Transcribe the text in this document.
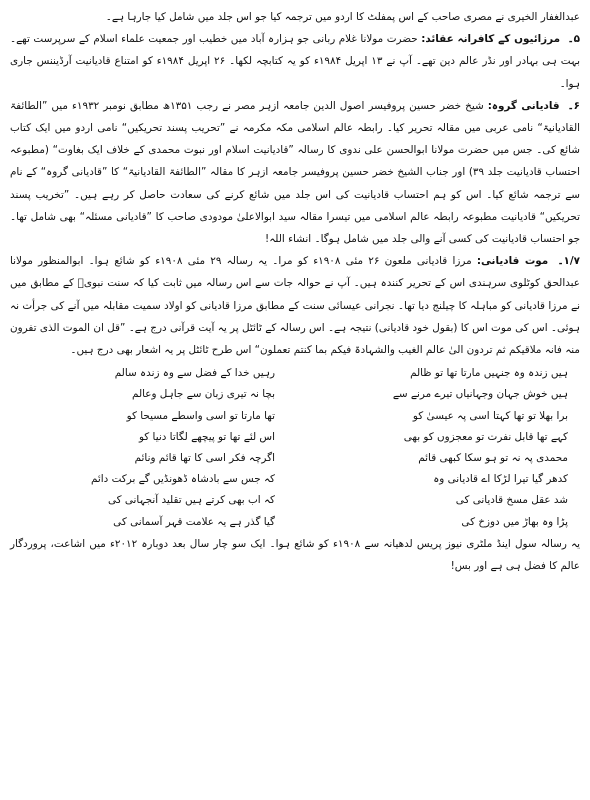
عبدالغفار الخیری نے مصری صاحب کے اس پمفلٹ کا اردو میں ترجمہ کیا جو اس جلد میں شامل کیا جارہا ہے۔

۵۔ مرزائیوں کے کافرانہ عقائد: حضرت مولانا غلام ربانی جو ہزارہ آباد میں خطیب اور جمعیت علماء اسلام کے سرپرست تھے۔ بہت ہی بہادر اور نڈر عالم دین تھے۔ آپ نے ۱۳ اپریل ۱۹۸۴ء کو یہ کتابچہ لکھا۔ ۲۶ اپریل ۱۹۸۴ء کو امتناع قادیانیت آرڈیننس جاری ہوا۔

۶۔ قادیانی گروہ: شیخ خضر حسین پروفیسر اصول الدین جامعہ ازہر مصر نے رجب ۱۳۵۱ھ مطابق نومبر ۱۹۳۲ء میں ”الطائفۃ القادیانیۃ“ نامی عربی میں مقالہ تحریر کیا۔ رابطہ عالم اسلامی مکہ مکرمہ نے ”تحریب پسند تحریکیں“ نامی اردو میں ایک کتاب شائع کی۔ جس میں حضرت مولانا ابوالحسن علی ندوی کا رسالہ ”قادیانیت اسلام اور نبوت محمدی کے خلاف ایک بغاوت“ (مطبوعہ احتساب قادیانیت جلد ۳۹) اور جناب الشیخ خضر حسین پروفیسر جامعہ ازہر کا مقالہ ”الطائفۃ القادیانیۃ“ کا ”قادیانی گروہ“ کے نام سے ترجمہ شائع کیا۔ اس کو ہم احتساب قادیانیت کی اس جلد میں شائع کرنے کی سعادت حاصل کر رہے ہیں۔ ”تخریب پسند تحریکیں“ قادیانیت مطبوعہ رابطہ عالم اسلامی میں تیسرا مقالہ سید ابوالاعلیٰ مودودی صاحب کا ”قادیانی مسئلہ“ بھی شامل تھا۔ جو احتساب قادیانیت کی کسی آنے والی جلد میں شامل ہوگا۔ انشاء اللہ!

۱/۷۔ موت قادیانی: مرزا قادیانی ملعون ۲۶ مئی ۱۹۰۸ء کو مرا۔ یہ رسالہ ۲۹ مئی ۱۹۰۸ء کو شائع ہوا۔ ابوالمنظور مولانا عبدالحق کوٹلوی سرہندی اس کے تحریر کنندہ ہیں۔ آپ نے حوالہ جات سے اس رسالہ میں ثابت کیا کہ سنت نبویؐ کے مطابق میں نے مرزا قادیانی کو مباہلہ کا چیلنج دیا تھا۔ نجرانی عیسائی سنت کے مطابق مرزا قادیانی کو اولاد سمیت مقابلہ میں آنے کی جرأت نہ ہوئی۔ اس کی موت اس کا (بقول خود قادیانی) نتیجہ ہے۔ اس رسالہ کے ٹائٹل پر یہ آیت قرآنی درج ہے۔ ”قل ان الموت الذی تفرون منہ فانہ ملاقیکم ثم تردون الیٰ عالم الغیب والشہادۃ فیکم بما کنتم تعملون“ اس طرح ٹائٹل پر یہ اشعار بھی درج ہیں۔

ہیں زندہ وہ جنہیں مارتا تھا تو ظالم
رہیں خدا کے فضل سے وہ زندہ سالم
ہیں خوش جہان وجہانیاں تیرے مرنے سے
بچا نہ تیری زبان سے جاہل وعالم
برا بھلا تو تھا کہتا اسی پہ عیسیٰ کو
تھا مارتا تو اسی واسطے مسیحا کو
کہے تھا قابل نفرت تو معجزوں کو بھی
اس لئے تھا تو پیچھے لگاتا دنیا کو
محمدی پہ نہ تو ہو سکا کبھی قائم
اگرچہ فکر اسی کا تھا قائم ونائم
کدھر گیا تیرا لڑکا اے قادیانی وہ
کہ جس سے بادشاہ ڈھونڈیں گے برکت دائم
شد عقل مسخ قادیانی کی
کہ اب بھی کرتے ہیں تقلید آنجہانی کی
پڑا وہ بھاڑ میں دوزخ کی
گیا گذر ہے یہ علامت قہر آسمانی کی

یہ رسالہ سول اینڈ ملٹری نیوز پریس لدھیانہ سے ۱۹۰۸ء کو شائع ہوا۔ ایک سو چار سال بعد دوبارہ ۲۰۱۲ء میں اشاعت، پروردگار عالم کا فضل ہی ہے اور بس!
